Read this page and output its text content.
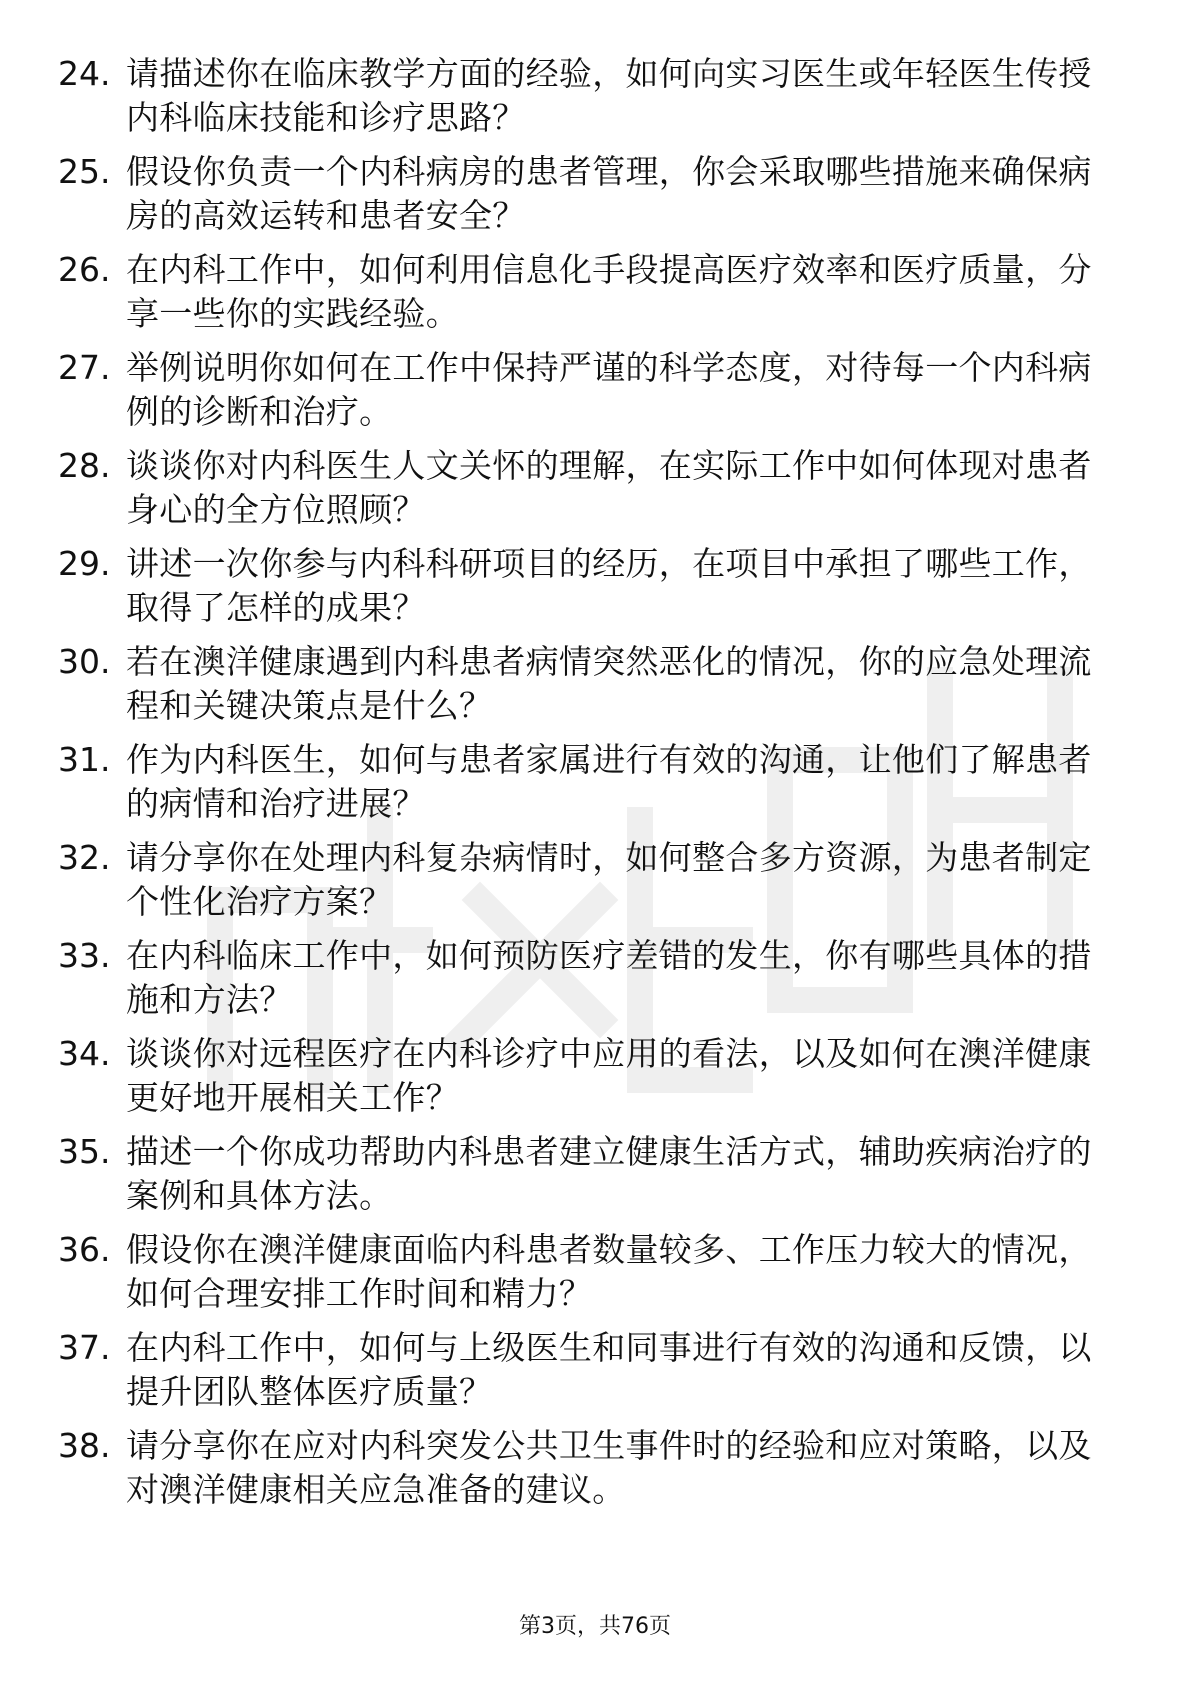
24. 请描述你在临床教学方面的经验，如何向实习医生或年轻医生传授内科临床技能和诊疗思路？
25. 假设你负责一个内科病房的患者管理，你会采取哪些措施来确保病房的高效运转和患者安全？
26. 在内科工作中，如何利用信息化手段提高医疗效率和医疗质量，分享一些你的实践经验。
27. 举例说明你如何在工作中保持严谨的科学态度，对待每一个内科病例的诊断和治疗。
28. 谈谈你对内科医生人文关怀的理解，在实际工作中如何体现对患者身心的全方位照顾？
29. 讲述一次你参与内科科研项目的经历，在项目中承担了哪些工作，取得了怎样的成果？
30. 若在澳洋健康遇到内科患者病情突然恶化的情况，你的应急处理流程和关键决策点是什么？
31. 作为内科医生，如何与患者家属进行有效的沟通，让他们了解患者的病情和治疗进展？
32. 请分享你在处理内科复杂病情时，如何整合多方资源，为患者制定个性化治疗方案？
33. 在内科临床工作中，如何预防医疗差错的发生，你有哪些具体的措施和方法？
34. 谈谈你对远程医疗在内科诊疗中应用的看法，以及如何在澳洋健康更好地开展相关工作？
35. 描述一个你成功帮助内科患者建立健康生活方式，辅助疾病治疗的案例和具体方法。
36. 假设你在澳洋健康面临内科患者数量较多、工作压力较大的情况，如何合理安排工作时间和精力？
37. 在内科工作中，如何与上级医生和同事进行有效的沟通和反馈，以提升团队整体医疗质量？
38. 请分享你在应对内科突发公共卫生事件时的经验和应对策略，以及对澳洋健康相关应急准备的建议。
第3页，共76页
